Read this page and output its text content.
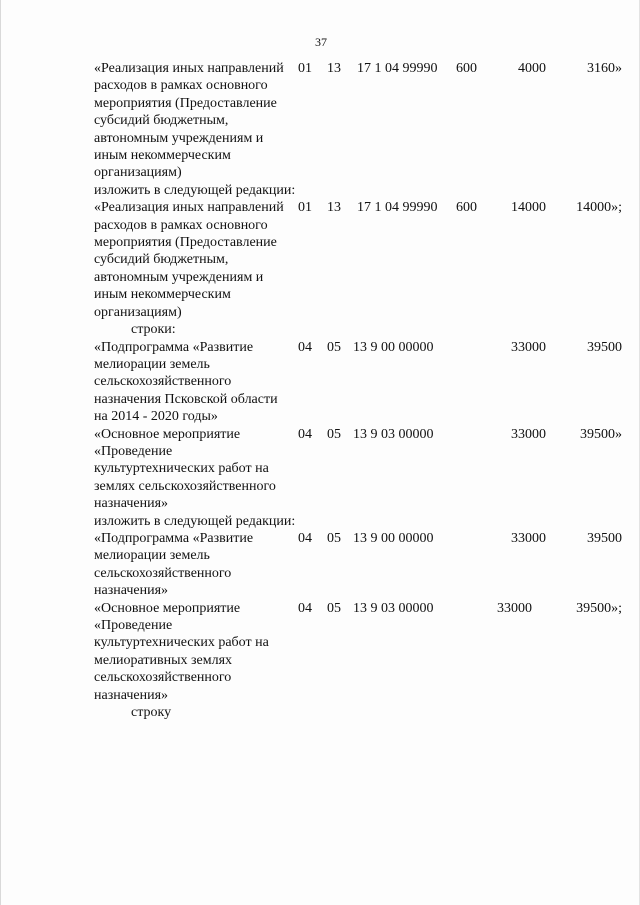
37
«Реализация иных направлений расходов в рамках основного мероприятия (Предоставление субсидий бюджетным, автономным учреждениям и иным некоммерческим организациям)
01 13 17 1 04 99990 600	4000	3160»
изложить в следующей редакции:
«Реализация иных направлений расходов в рамках основного мероприятия (Предоставление субсидий бюджетным, автономным учреждениям и иным некоммерческим организациям)
01 13 17 1 04 99990 600	14000	14000»;
строки:
«Подпрограмма «Развитие мелиорации земель сельскохозяйственного назначения Псковской области на 2014 - 2020 годы»
04 05 13 9 00 00000	33000	39500
«Основное мероприятие «Проведение культуртехнических работ на землях сельскохозяйственного назначения»
04 05 13 9 03 00000	33000	39500»
изложить в следующей редакции:
«Подпрограмма «Развитие мелиорации земель сельскохозяйственного назначения»
04 05 13 9 00 00000	33000	39500
«Основное мероприятие «Проведение культуртехнических работ на мелиоративных землях сельскохозяйственного назначения»
04 05 13 9 03 00000	33000	39500»;
строку
